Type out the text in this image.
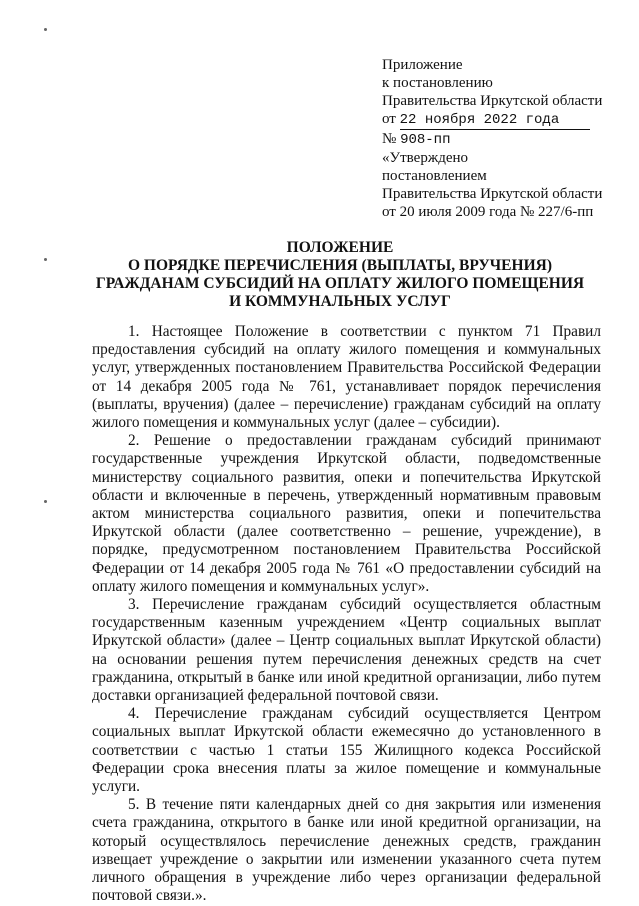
Приложение
к постановлению
Правительства Иркутской области
от 22 ноября 2022 года
№ 908-пп
«Утверждено
постановлением
Правительства Иркутской области
от 20 июля 2009 года № 227/6-пп
ПОЛОЖЕНИЕ
О ПОРЯДКЕ ПЕРЕЧИСЛЕНИЯ (ВЫПЛАТЫ, ВРУЧЕНИЯ)
ГРАЖДАНАМ СУБСИДИЙ НА ОПЛАТУ ЖИЛОГО ПОМЕЩЕНИЯ
И КОММУНАЛЬНЫХ УСЛУГ

1. Настоящее Положение в соответствии с пунктом 71 Правил предоставления субсидий на оплату жилого помещения и коммунальных услуг, утвержденных постановлением Правительства Российской Федерации от 14 декабря 2005 года № 761, устанавливает порядок перечисления (выплаты, вручения) (далее – перечисление) гражданам субсидий на оплату жилого помещения и коммунальных услуг (далее – субсидии).

2. Решение о предоставлении гражданам субсидий принимают государственные учреждения Иркутской области, подведомственные министерству социального развития, опеки и попечительства Иркутской области и включенные в перечень, утвержденный нормативным правовым актом министерства социального развития, опеки и попечительства Иркутской области (далее соответственно – решение, учреждение), в порядке, предусмотренном постановлением Правительства Российской Федерации от 14 декабря 2005 года № 761 «О предоставлении субсидий на оплату жилого помещения и коммунальных услуг».

3. Перечисление гражданам субсидий осуществляется областным государственным казенным учреждением «Центр социальных выплат Иркутской области» (далее – Центр социальных выплат Иркутской области) на основании решения путем перечисления денежных средств на счет гражданина, открытый в банке или иной кредитной организации, либо путем доставки организацией федеральной почтовой связи.

4. Перечисление гражданам субсидий осуществляется Центром социальных выплат Иркутской области ежемесячно до установленного в соответствии с частью 1 статьи 155 Жилищного кодекса Российской Федерации срока внесения платы за жилое помещение и коммунальные услуги.

5. В течение пяти календарных дней со дня закрытия или изменения счета гражданина, открытого в банке или иной кредитной организации, на который осуществлялось перечисление денежных средств, гражданин извещает учреждение о закрытии или изменении указанного счета путем личного обращения в учреждение либо через организации федеральной почтовой связи.».
